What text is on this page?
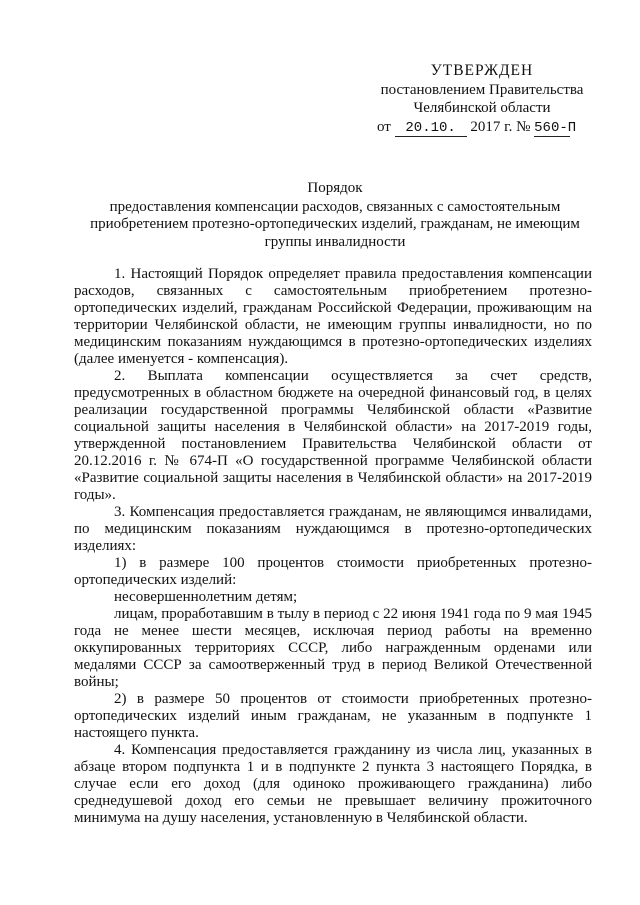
УТВЕРЖДЕН
постановлением Правительства
Челябинской области
от 20.10. 2017 г. № 560-П
Порядок
предоставления компенсации расходов, связанных с самостоятельным
приобретением протезно-ортопедических изделий, гражданам, не имеющим
группы инвалидности

1. Настоящий Порядок определяет правила предоставления компенсации расходов, связанных с самостоятельным приобретением протезно-ортопедических изделий, гражданам Российской Федерации, проживающим на территории Челябинской области, не имеющим группы инвалидности, но по медицинским показаниям нуждающимся в протезно-ортопедических изделиях (далее именуется - компенсация).

2. Выплата компенсации осуществляется за счет средств, предусмотренных в областном бюджете на очередной финансовый год, в целях реализации государственной программы Челябинской области «Развитие социальной защиты населения в Челябинской области» на 2017-2019 годы, утвержденной постановлением Правительства Челябинской области от 20.12.2016 г. № 674-П «О государственной программе Челябинской области «Развитие социальной защиты населения в Челябинской области» на 2017-2019 годы».

3. Компенсация предоставляется гражданам, не являющимся инвалидами, по медицинским показаниям нуждающимся в протезно-ортопедических изделиях:

1) в размере 100 процентов стоимости приобретенных протезно-ортопедических изделий:

несовершеннолетним детям;

лицам, проработавшим в тылу в период с 22 июня 1941 года по 9 мая 1945 года не менее шести месяцев, исключая период работы на временно оккупированных территориях СССР, либо награжденным орденами или медалями СССР за самоотверженный труд в период Великой Отечественной войны;

2) в размере 50 процентов от стоимости приобретенных протезно-ортопедических изделий иным гражданам, не указанным в подпункте 1 настоящего пункта.

4. Компенсация предоставляется гражданину из числа лиц, указанных в абзаце втором подпункта 1 и в подпункте 2 пункта 3 настоящего Порядка, в случае если его доход (для одиноко проживающего гражданина) либо среднедушевой доход его семьи не превышает величину прожиточного минимума на душу населения, установленную в Челябинской области.
